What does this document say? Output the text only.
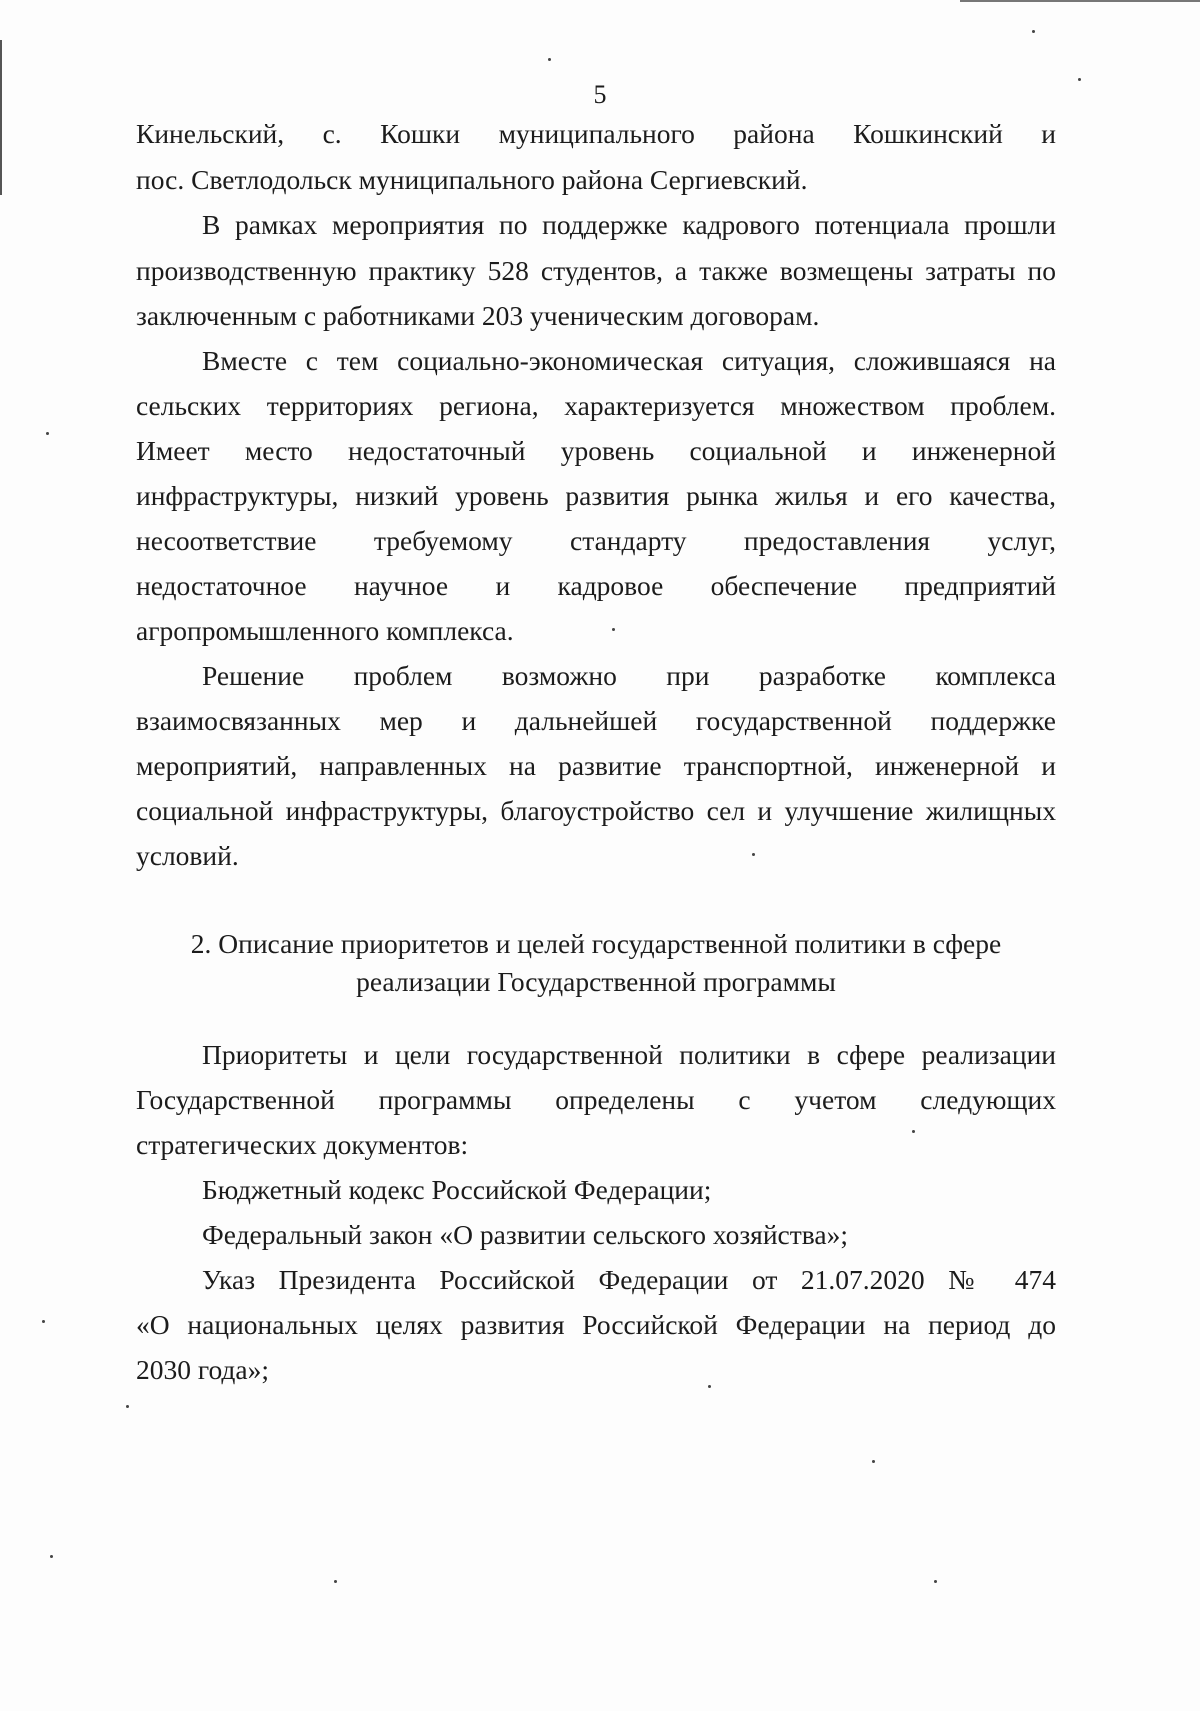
5
Кинельский, с. Кошки муниципального района Кошкинский и
пос. Светлодольск муниципального района Сергиевский.
В рамках мероприятия по поддержке кадрового потенциала прошли
производственную практику 528 студентов, а также возмещены затраты по
заключенным с работниками 203 ученическим договорам.
Вместе с тем социально-экономическая ситуация, сложившаяся на
сельских территориях региона, характеризуется множеством проблем.
Имеет место недостаточный уровень социальной и инженерной
инфраструктуры, низкий уровень развития рынка жилья и его качества,
несоответствие требуемому стандарту предоставления услуг,
недостаточное научное и кадровое обеспечение предприятий
агропромышленного комплекса.
Решение проблем возможно при разработке комплекса
взаимосвязанных мер и дальнейшей государственной поддержке
мероприятий, направленных на развитие транспортной, инженерной и
социальной инфраструктуры, благоустройство сел и улучшение жилищных
условий.
2. Описание приоритетов и целей государственной политики в сфере
реализации Государственной программы
Приоритеты и цели государственной политики в сфере реализации
Государственной программы определены с учетом следующих
стратегических документов:
Бюджетный кодекс Российской Федерации;
Федеральный закон «О развитии сельского хозяйства»;
Указ Президента Российской Федерации от 21.07.2020 № 474
«О национальных целях развития Российской Федерации на период до
2030 года»;
